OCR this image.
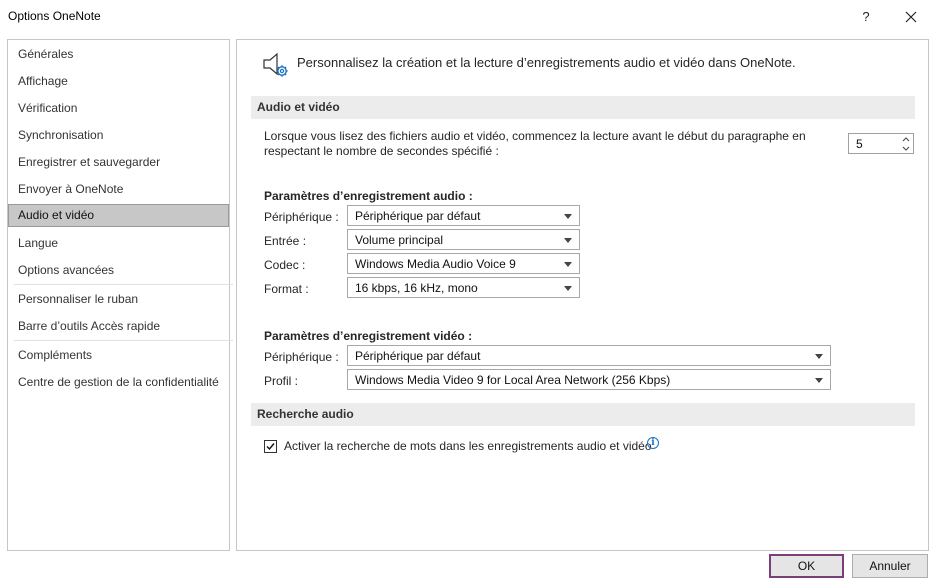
Options OneNote	?
Générales
Affichage
Vérification
Synchronisation
Enregistrer et sauvegarder
Envoyer à OneNote
Audio et vidéo
Langue
Options avancées
Personnaliser le ruban
Barre d’outils Accès rapide
Compléments
Centre de gestion de la confidentialité
Personnalisez la création et la lecture d’enregistrements audio et vidéo dans OneNote.
Audio et vidéo
Lorsque vous lisez des fichiers audio et vidéo, commencez la lecture avant le début du paragraphe en respectant le nombre de secondes spécifié :	5
Paramètres d’enregistrement audio :
Périphérique : Périphérique par défaut
Entrée :	Volume principal
Codec :	Windows Media Audio Voice 9
Format :	16 kbps, 16 kHz, mono
Paramètres d’enregistrement vidéo :
Périphérique : Périphérique par défaut
Profil :	Windows Media Video 9 for Local Area Network (256 Kbps)
Recherche audio
Activer la recherche de mots dans les enregistrements audio et vidéo i
OK	Annuler
